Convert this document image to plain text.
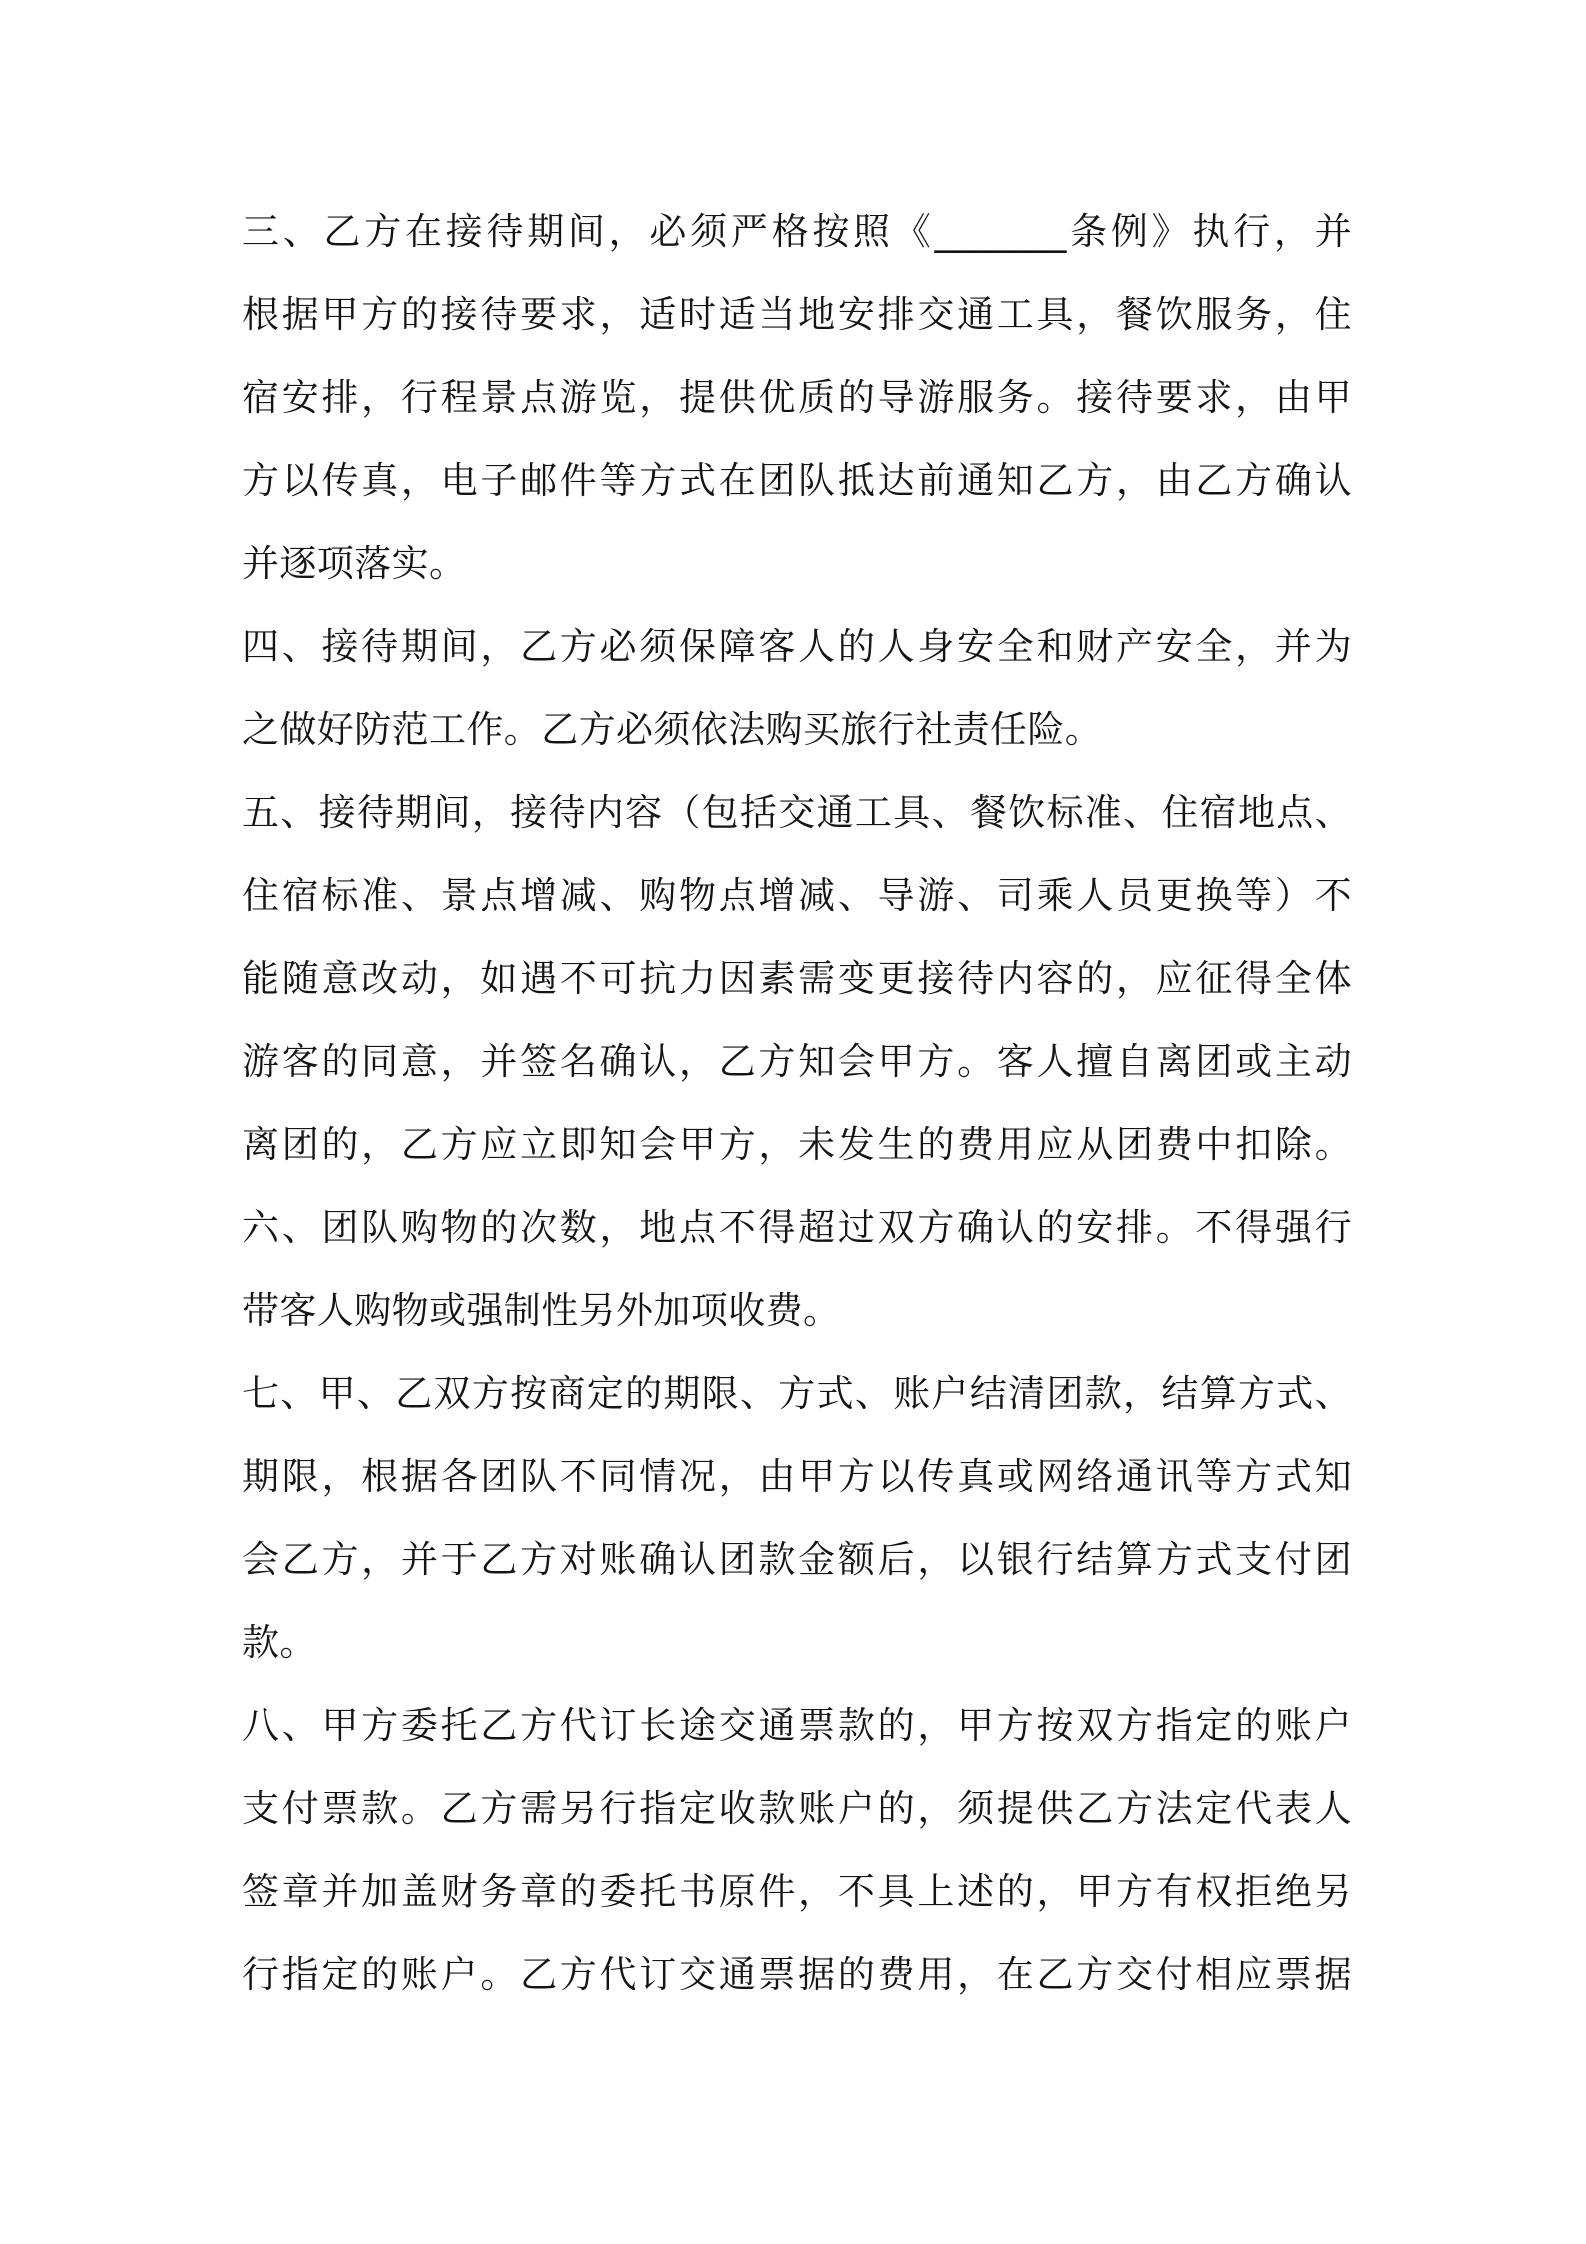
三、乙方在接待期间，必须严格按照《_______条例》执行，并
根据甲方的接待要求，适时适当地安排交通工具，餐饮服务，住
宿安排，行程景点游览，提供优质的导游服务。接待要求，由甲
方以传真，电子邮件等方式在团队抵达前通知乙方，由乙方确认
并逐项落实。
四、接待期间，乙方必须保障客人的人身安全和财产安全，并为
之做好防范工作。乙方必须依法购买旅行社责任险。
五、接待期间，接待内容（包括交通工具、餐饮标准、住宿地点、
住宿标准、景点增减、购物点增减、导游、司乘人员更换等）不
能随意改动，如遇不可抗力因素需变更接待内容的，应征得全体
游客的同意，并签名确认，乙方知会甲方。客人擅自离团或主动
离团的，乙方应立即知会甲方，未发生的费用应从团费中扣除。
六、团队购物的次数，地点不得超过双方确认的安排。不得强行
带客人购物或强制性另外加项收费。
七、甲、乙双方按商定的期限、方式、账户结清团款，结算方式、
期限，根据各团队不同情况，由甲方以传真或网络通讯等方式知
会乙方，并于乙方对账确认团款金额后，以银行结算方式支付团
款。
八、甲方委托乙方代订长途交通票款的，甲方按双方指定的账户
支付票款。乙方需另行指定收款账户的，须提供乙方法定代表人
签章并加盖财务章的委托书原件，不具上述的，甲方有权拒绝另
行指定的账户。乙方代订交通票据的费用，在乙方交付相应票据
